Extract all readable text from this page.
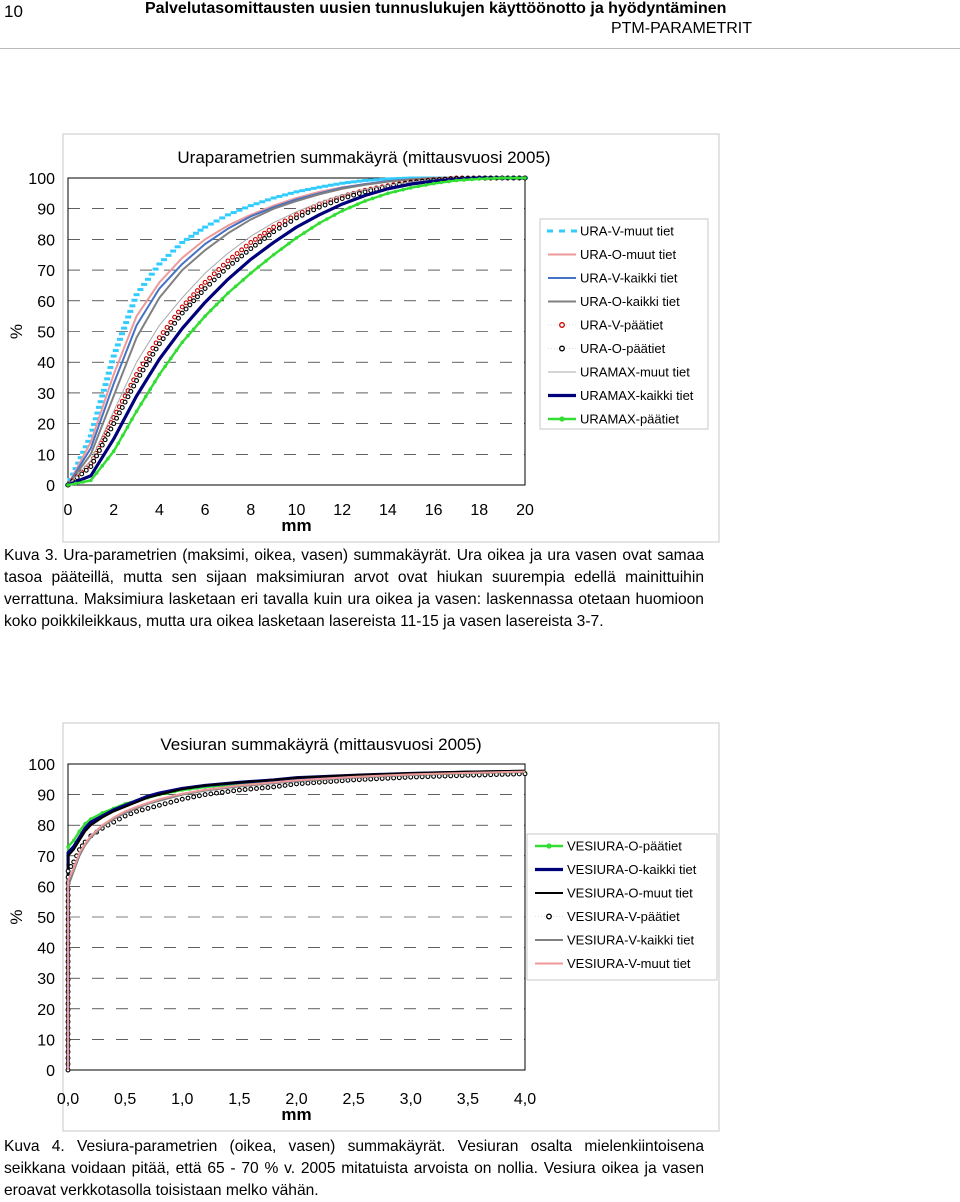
10	Palvelutasomittausten uusien tunnuslukujen käyttöönotto ja hyödyntäminen
PTM-PARAMETRIT
Uraparametrien summakäyrä (mittausvuosi 2005)
0
10
20
30
40
50
60
70
80
90
100
0 2 4 6 8 10 12 14 16 18 20
%
mm
URA-V-muut tiet
URA-O-muut tiet
URA-V-kaikki tiet
URA-O-kaikki tiet
URA-V-päätiet
URA-O-päätiet
URAMAX-muut tiet
URAMAX-kaikki tiet
URAMAX-päätiet

Kuva 3. Ura-parametrien (maksimi, oikea, vasen) summakäyrät. Ura oikea ja ura vasen ovat samaa tasoa pääteillä, mutta sen sijaan maksimiuran arvot ovat hiukan suurempia edellä mainittuihin verrattuna. Maksimiura lasketaan eri tavalla kuin ura oikea ja vasen: laskennassa otetaan huomioon koko poikkileikkaus, mutta ura oikea lasketaan lasereista 11-15 ja vasen lasereista 3-7.

Vesiuran summakäyrä (mittausvuosi 2005)
0
10
20
30
40
50
60
70
80
90
100
0,0 0,5 1,0 1,5 2,0 2,5 3,0 3,5 4,0
%
mm
VESIURA-O-päätiet
VESIURA-O-kaikki tiet
VESIURA-O-muut tiet
VESIURA-V-päätiet
VESIURA-V-kaikki tiet
VESIURA-V-muut tiet

Kuva 4. Vesiura-parametrien (oikea, vasen) summakäyrät. Vesiuran osalta mielenkiintoisena seikkana voidaan pitää, että 65 - 70 % v. 2005 mitatuista arvoista on nollia. Vesiura oikea ja vasen eroavat verkkotasolla toisistaan melko vähän.
